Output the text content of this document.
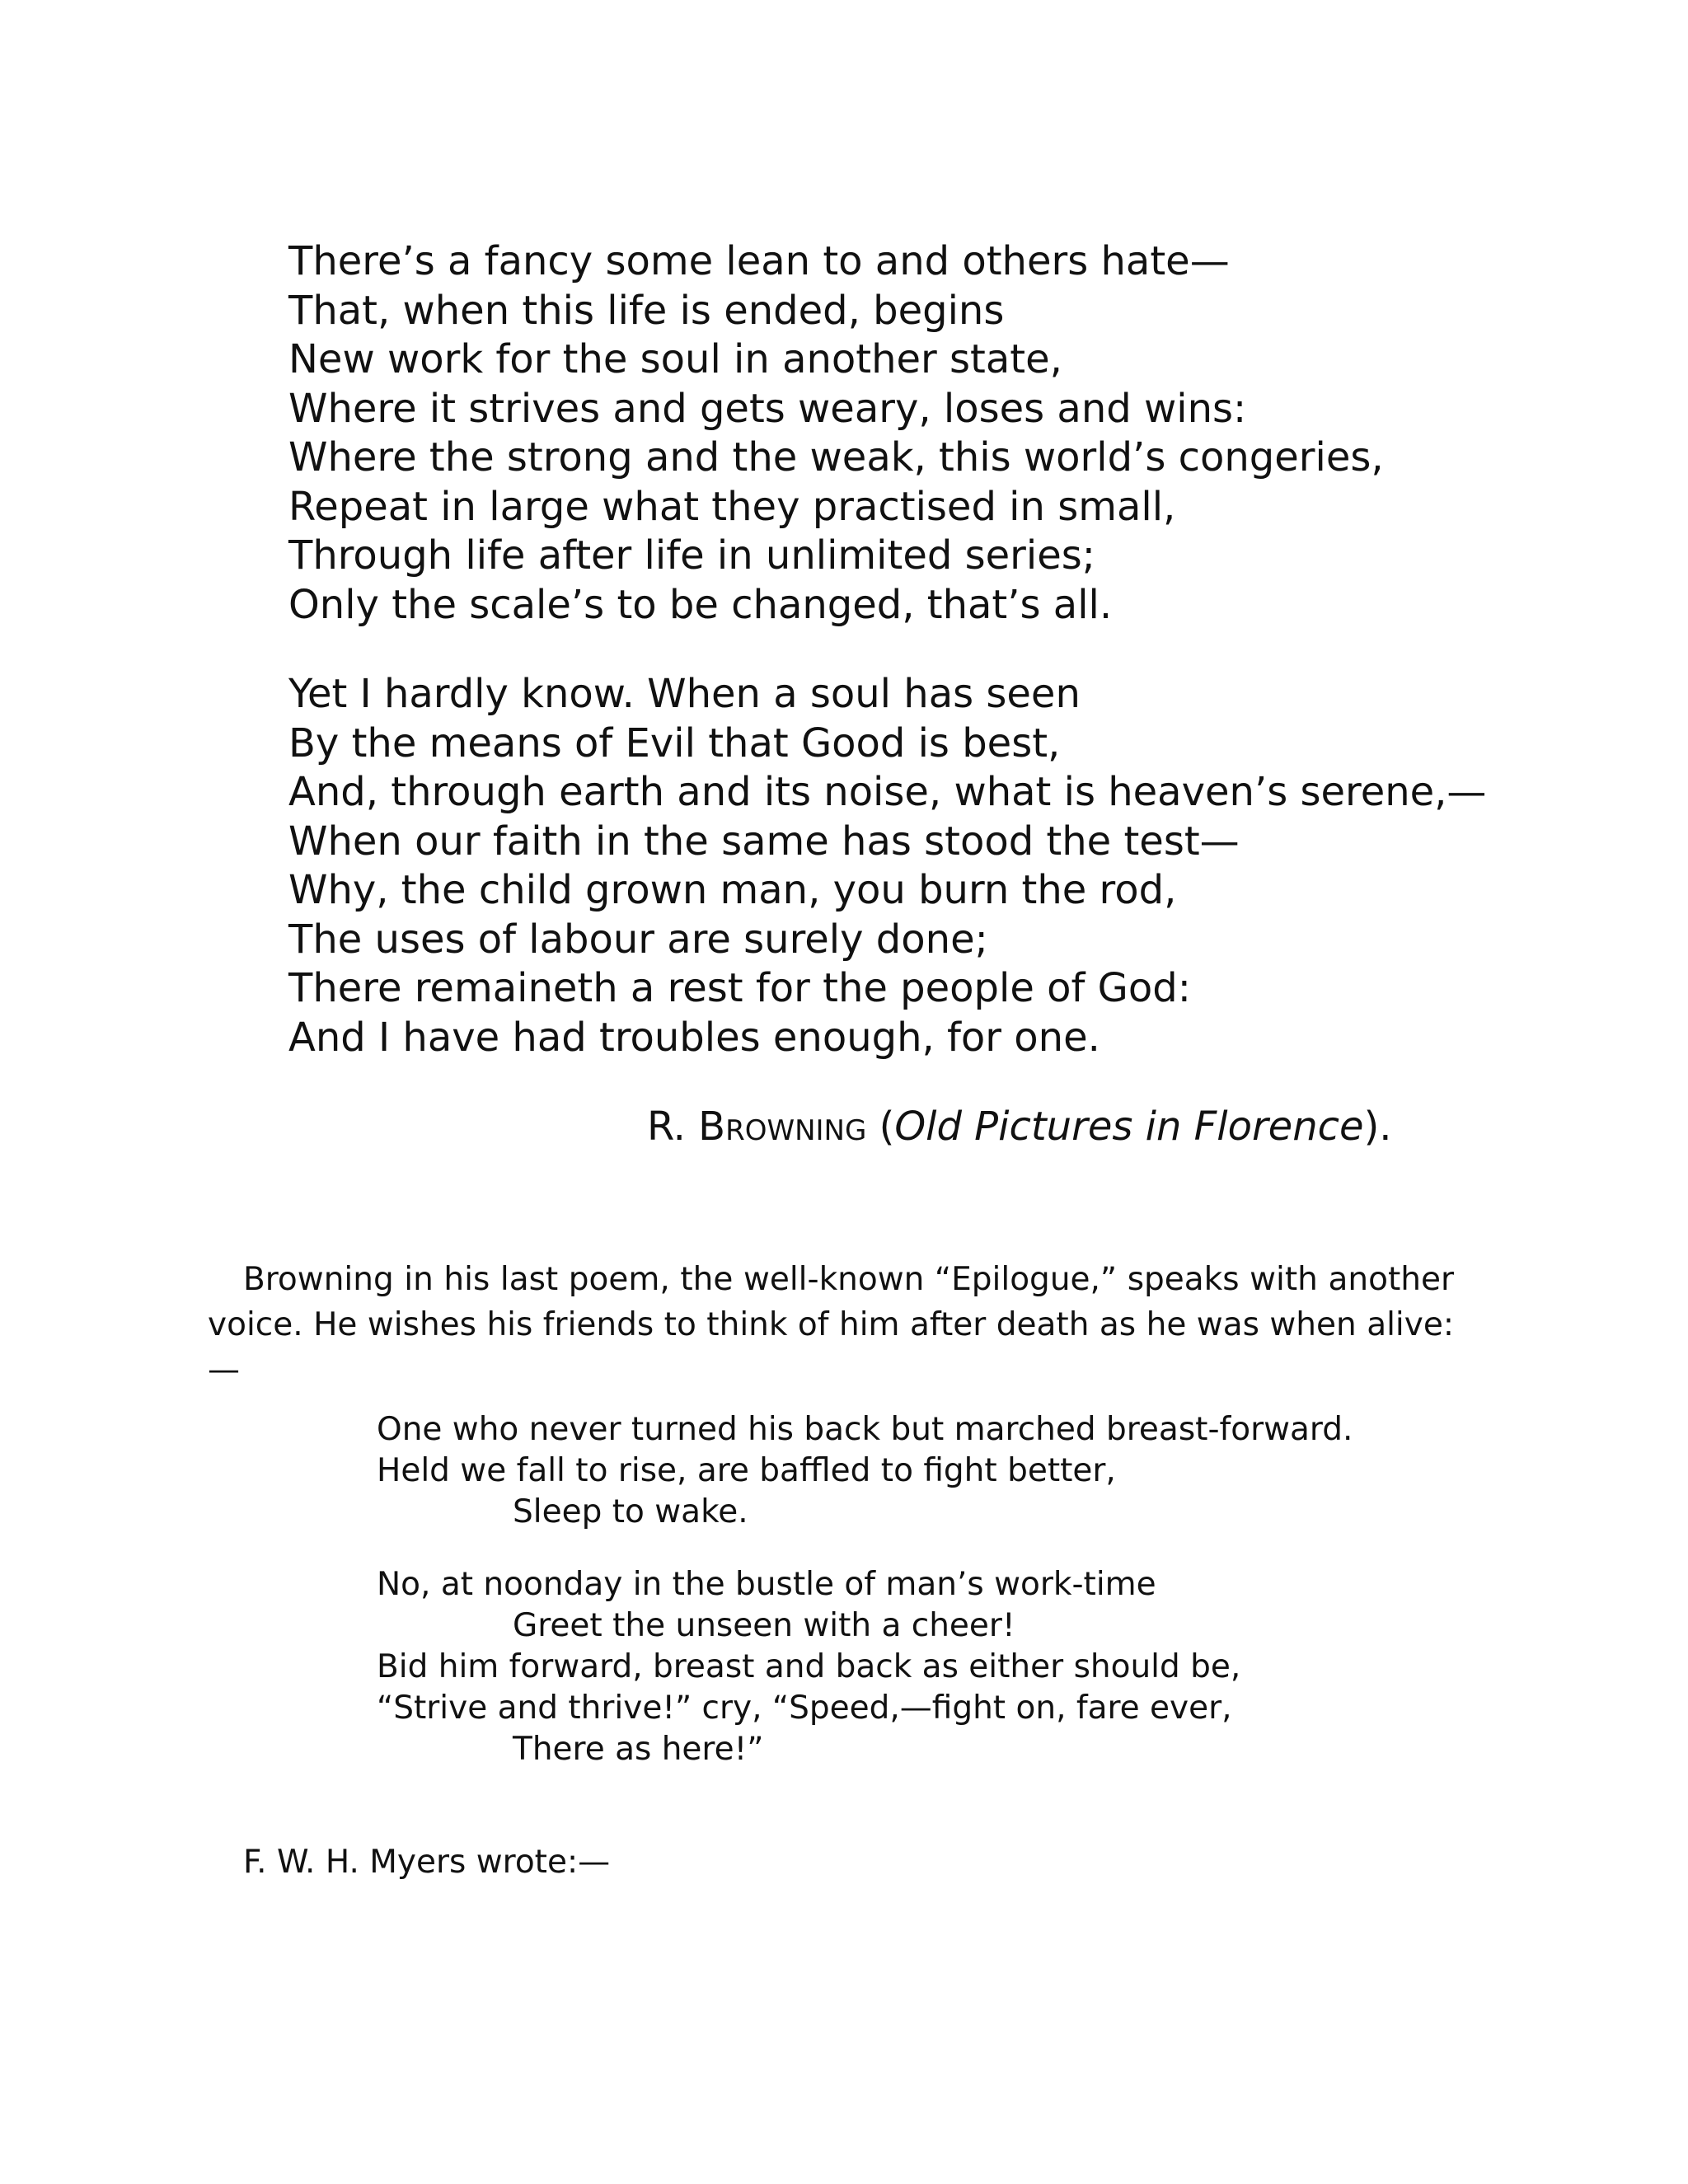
There’s a fancy some lean to and others hate—
That, when this life is ended, begins
New work for the soul in another state,
Where it strives and gets weary, loses and wins:
Where the strong and the weak, this world’s congeries,
Repeat in large what they practised in small,
Through life after life in unlimited series;
Only the scale’s to be changed, that’s all.
Yet I hardly know. When a soul has seen
By the means of Evil that Good is best,
And, through earth and its noise, what is heaven’s serene,—
When our faith in the same has stood the test—
Why, the child grown man, you burn the rod,
The uses of labour are surely done;
There remaineth a rest for the people of God:
And I have had troubles enough, for one.
R. Browning (Old Pictures in Florence).

Browning in his last poem, the well-known “Epilogue,” speaks with another voice. He wishes his friends to think of him after death as he was when alive:—

One who never turned his back but marched breast-forward.
Held we fall to rise, are baffled to fight better,
Sleep to wake.
No, at noonday in the bustle of man’s work-time
Greet the unseen with a cheer!
Bid him forward, breast and back as either should be,
“Strive and thrive!” cry, “Speed,—fight on, fare ever,
There as here!”

F. W. H. Myers wrote:—
